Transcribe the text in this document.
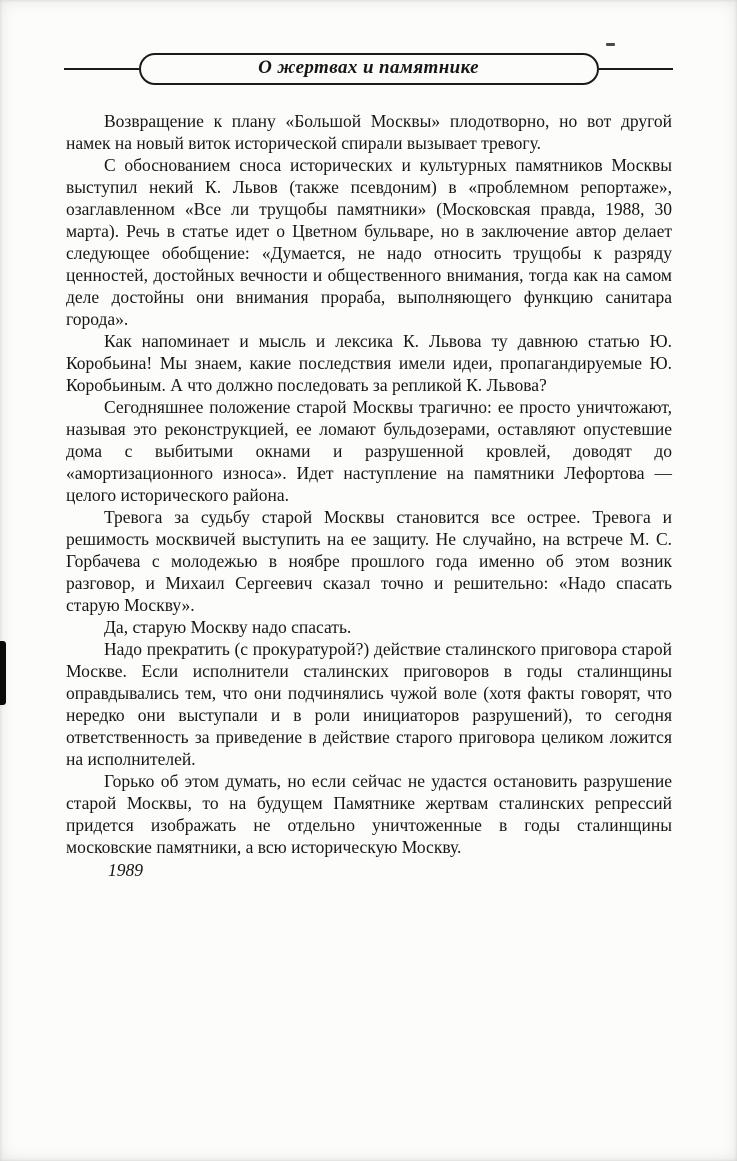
О жертвах и памятнике

Возвращение к плану «Большой Москвы» плодотворно, но вот другой намек на новый виток исторической спирали вызывает тревогу.

С обоснованием сноса исторических и культурных памятников Москвы выступил некий К. Львов (также псевдоним) в «проблемном репортаже», озаглавленном «Все ли трущобы памятники» (Московская правда, 1988, 30 марта). Речь в статье идет о Цветном бульваре, но в заключение автор делает следующее обобщение: «Думается, не надо относить трущобы к разряду ценностей, достойных вечности и общественного внимания, тогда как на самом деле достойны они внимания прораба, выполняющего функцию санитара города».

Как напоминает и мысль и лексика К. Львова ту давнюю статью Ю. Коробьина! Мы знаем, какие последствия имели идеи, пропагандируемые Ю. Коробьиным. А что должно последовать за репликой К. Львова?

Сегодняшнее положение старой Москвы трагично: ее просто уничтожают, называя это реконструкцией, ее ломают бульдозерами, оставляют опустевшие дома с выбитыми окнами и разрушенной кровлей, доводят до «амортизационного износа». Идет наступление на памятники Лефортова — целого исторического района.

Тревога за судьбу старой Москвы становится все острее. Тревога и решимость москвичей выступить на ее защиту. Не случайно, на встрече М. С. Горбачева с молодежью в ноябре прошлого года именно об этом возник разговор, и Михаил Сергеевич сказал точно и решительно: «Надо спасать старую Москву».

Да, старую Москву надо спасать.

Надо прекратить (с прокуратурой?) действие сталинского приговора старой Москве. Если исполнители сталинских приговоров в годы сталинщины оправдывались тем, что они подчинялись чужой воле (хотя факты говорят, что нередко они выступали и в роли инициаторов разрушений), то сегодня ответственность за приведение в действие старого приговора целиком ложится на исполнителей.

Горько об этом думать, но если сейчас не удастся остановить разрушение старой Москвы, то на будущем Памятнике жертвам сталинских репрессий придется изображать не отдельно уничтоженные в годы сталинщины московские памятники, а всю историческую Москву.

1989
